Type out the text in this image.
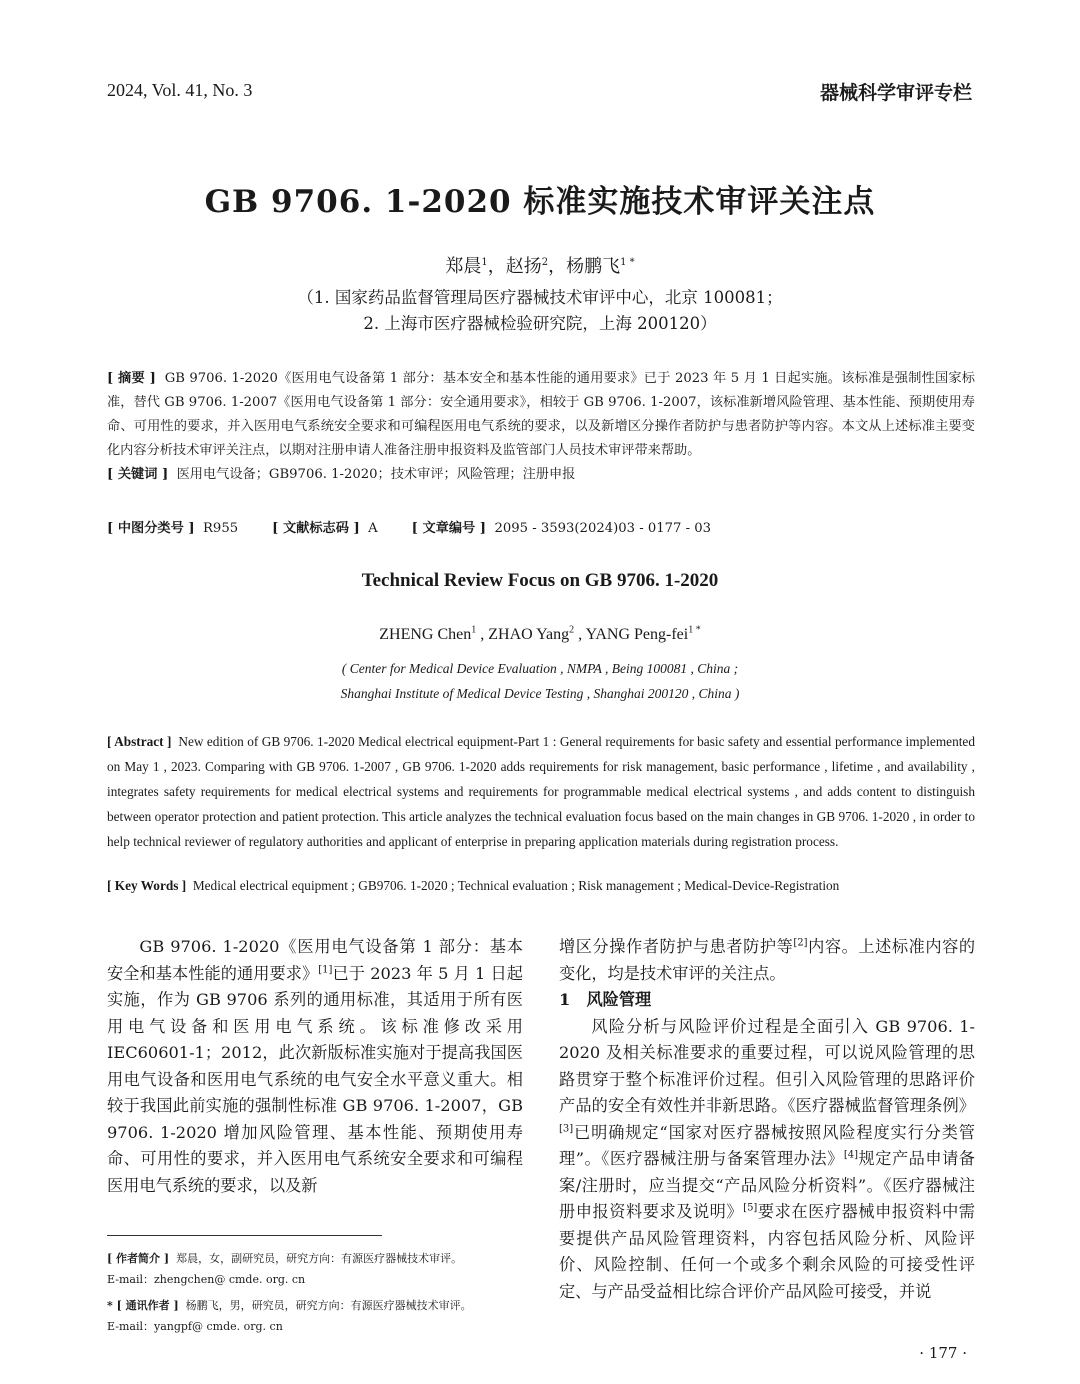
2024, Vol. 41, No. 3	器械科学审评专栏
GB 9706. 1-2020 标准实施技术审评关注点
郑晨$^1$，赵扬$^2$，杨鹏飞$^{1 *}$
（1. 国家药品监督管理局医疗器械技术审评中心，北京 100081；
2. 上海市医疗器械检验研究院，上海 200120）
[ 摘要 ] GB 9706. 1-2020《医用电气设备第 1 部分：基本安全和基本性能的通用要求》已于 2023 年 5 月 1 日起实施。该标准是强制性国家标准，替代 GB 9706. 1-2007《医用电气设备第 1 部分：安全通用要求》，相较于 GB 9706. 1-2007，该标准新增风险管理、基本性能、预期使用寿命、可用性的要求，并入医用电气系统安全要求和可编程医用电气系统的要求，以及新增区分操作者防护与患者防护等内容。本文从上述标准主要变化内容分析技术审评关注点，以期对注册申请人准备注册申报资料及监管部门人员技术审评带来帮助。
[ 关键词 ] 医用电气设备；GB9706. 1-2020；技术审评；风险管理；注册申报
[ 中图分类号 ] R955	[ 文献标志码 ] A	[ 文章编号 ] 2095 - 3593(2024)03 - 0177 - 03
Technical Review Focus on GB 9706. 1-2020
ZHENG Chen$^1$ , ZHAO Yang$^2$ , YANG Peng-fei$^{1 *}$
( Center for Medical Device Evaluation , NMPA , Being 100081 , China ;
Shanghai Institute of Medical Device Testing , Shanghai 200120 , China )
[ Abstract ] New edition of GB 9706. 1-2020 Medical electrical equipment-Part 1 : General requirements for basic safety and essential performance implemented on May 1 , 2023. Comparing with GB 9706. 1-2007 , GB 9706. 1-2020 adds requirements for risk management, basic performance , lifetime , and availability , integrates safety requirements for medical electrical systems and requirements for programmable medical electrical systems , and adds content to distinguish between operator protection and patient protection. This article analyzes the technical evaluation focus based on the main changes in GB 9706. 1-2020 , in order to help technical reviewer of regulatory authorities and applicant of enterprise in preparing application materials during registration process.
[ Key Words ] Medical electrical equipment ; GB9706. 1-2020 ; Technical evaluation ; Risk management ; Medical-Device-Registration

GB 9706. 1-2020《医用电气设备第 1 部分：基本安全和基本性能的通用要求》[1]已于 2023 年 5 月 1 日起实施，作为 GB 9706 系列的通用标准，其适用于所有医用电气设备和医用电气系统。该标准修改采用 IEC60601-1；2012，此次新版标准实施对于提高我国医用电气设备和医用电气系统的电气安全水平意义重大。相较于我国此前实施的强制性标准 GB 9706. 1-2007，GB 9706. 1-2020 增加风险管理、基本性能、预期使用寿命、可用性的要求，并入医用电气系统安全要求和可编程医用电气系统的要求，以及新

增区分操作者防护与患者防护等[2]内容。上述标准内容的变化，均是技术审评的关注点。

1　风险管理

风险分析与风险评价过程是全面引入 GB 9706. 1-2020 及相关标准要求的重要过程，可以说风险管理的思路贯穿于整个标准评价过程。但引入风险管理的思路评价产品的安全有效性并非新思路。《医疗器械监督管理条例》[3]已明确规定“国家对医疗器械按照风险程度实行分类管理”。《医疗器械注册与备案管理办法》[4]规定产品申请备案/注册时，应当提交“产品风险分析资料”。《医疗器械注册申报资料要求及说明》[5]要求在医疗器械申报资料中需要提供产品风险管理资料，内容包括风险分析、风险评价、风险控制、任何一个或多个剩余风险的可接受性评定、与产品受益相比综合评价产品风险可接受，并说

[ 作者简介 ] 郑晨，女，副研究员，研究方向：有源医疗器械技术审评。
E-mail：zhengchen@ cmde. org. cn
* [ 通讯作者 ] 杨鹏飞，男，研究员，研究方向：有源医疗器械技术审评。
E-mail：yangpf@ cmde. org. cn
· 177 ·
